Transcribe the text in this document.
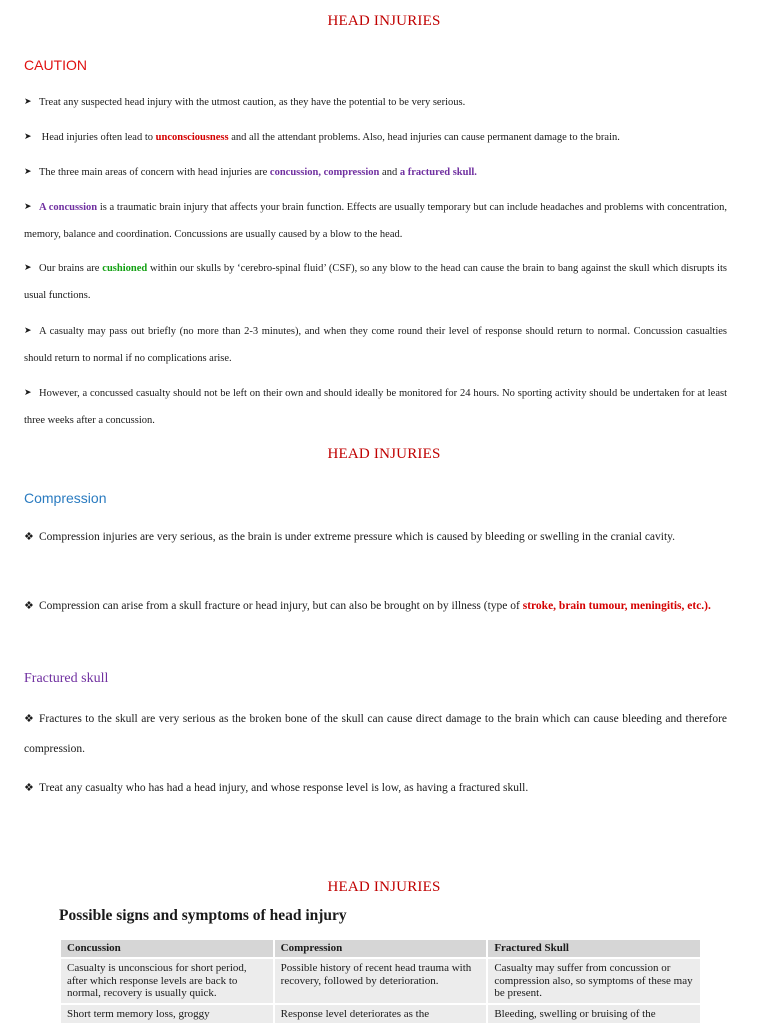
HEAD INJURIES
CAUTION
➤ Treat any suspected head injury with the utmost caution, as they have the potential to be very serious.
➤ Head injuries often lead to unconsciousness and all the attendant problems. Also, head injuries can cause permanent damage to the brain.
➤ The three main areas of concern with head injuries are concussion, compression and a fractured skull.
➤ A concussion is a traumatic brain injury that affects your brain function. Effects are usually temporary but can include headaches and problems with concentration, memory, balance and coordination. Concussions are usually caused by a blow to the head.
➤ Our brains are cushioned within our skulls by ‘cerebro-spinal fluid’ (CSF), so any blow to the head can cause the brain to bang against the skull which disrupts its usual functions.
➤ A casualty may pass out briefly (no more than 2-3 minutes), and when they come round their level of response should return to normal. Concussion casualties should return to normal if no complications arise.
➤ However, a concussed casualty should not be left on their own and should ideally be monitored for 24 hours. No sporting activity should be undertaken for at least three weeks after a concussion.
HEAD INJURIES
Compression
❖ Compression injuries are very serious, as the brain is under extreme pressure which is caused by bleeding or swelling in the cranial cavity.
❖ Compression can arise from a skull fracture or head injury, but can also be brought on by illness (type of stroke, brain tumour, meningitis, etc.).
Fractured skull
❖ Fractures to the skull are very serious as the broken bone of the skull can cause direct damage to the brain which can cause bleeding and therefore compression.
❖ Treat any casualty who has had a head injury, and whose response level is low, as having a fractured skull.
HEAD INJURIES
Possible signs and symptoms of head injury
Concussion	Compression	Fractured Skull
Casualty is unconscious for short period, after which response levels are back to normal, recovery is usually quick.	Possible history of recent head trauma with recovery, followed by deterioration.	Casualty may suffer from concussion or compression also, so symptoms of these may be present.
Short term memory loss, groggy	Response level deteriorates as the	Bleeding, swelling or bruising of the
